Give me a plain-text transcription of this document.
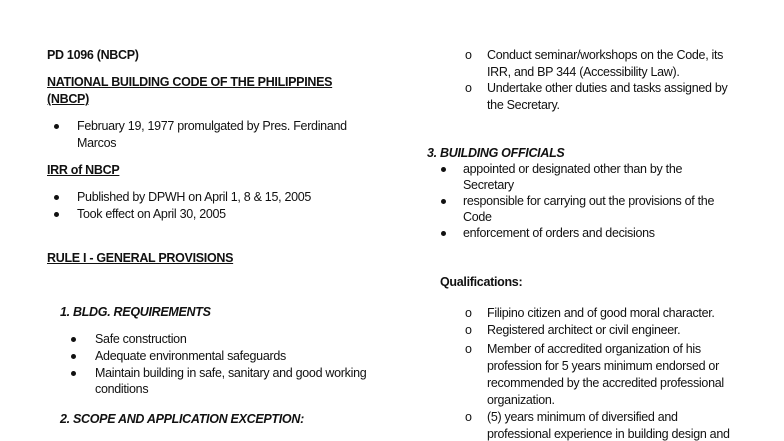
PD 1096 (NBCP)
NATIONAL BUILDING CODE OF THE PHILIPPINES
(NBCP)
February 19, 1977 promulgated by Pres. Ferdinand
Marcos
IRR of NBCP
Published by DPWH on April 1, 8 & 15, 2005
Took effect on April 30, 2005
RULE I - GENERAL PROVISIONS
1. BLDG. REQUIREMENTS
Safe construction
Adequate environmental safeguards
Maintain building in safe, sanitary and good working
conditions
2. SCOPE AND APPLICATION EXCEPTION:
o Conduct seminar/workshops on the Code, its
IRR, and BP 344 (Accessibility Law).
o Undertake other duties and tasks assigned by
the Secretary.
3. BUILDING OFFICIALS
appointed or designated other than by the
Secretary
responsible for carrying out the provisions of the
Code
enforcement of orders and decisions
Qualifications:
o Filipino citizen and of good moral character.
o Registered architect or civil engineer.
o Member of accredited organization of his
profession for 5 years minimum endorsed or
recommended by the accredited professional
organization.
o (5) years minimum of diversified and
professional experience in building design and
